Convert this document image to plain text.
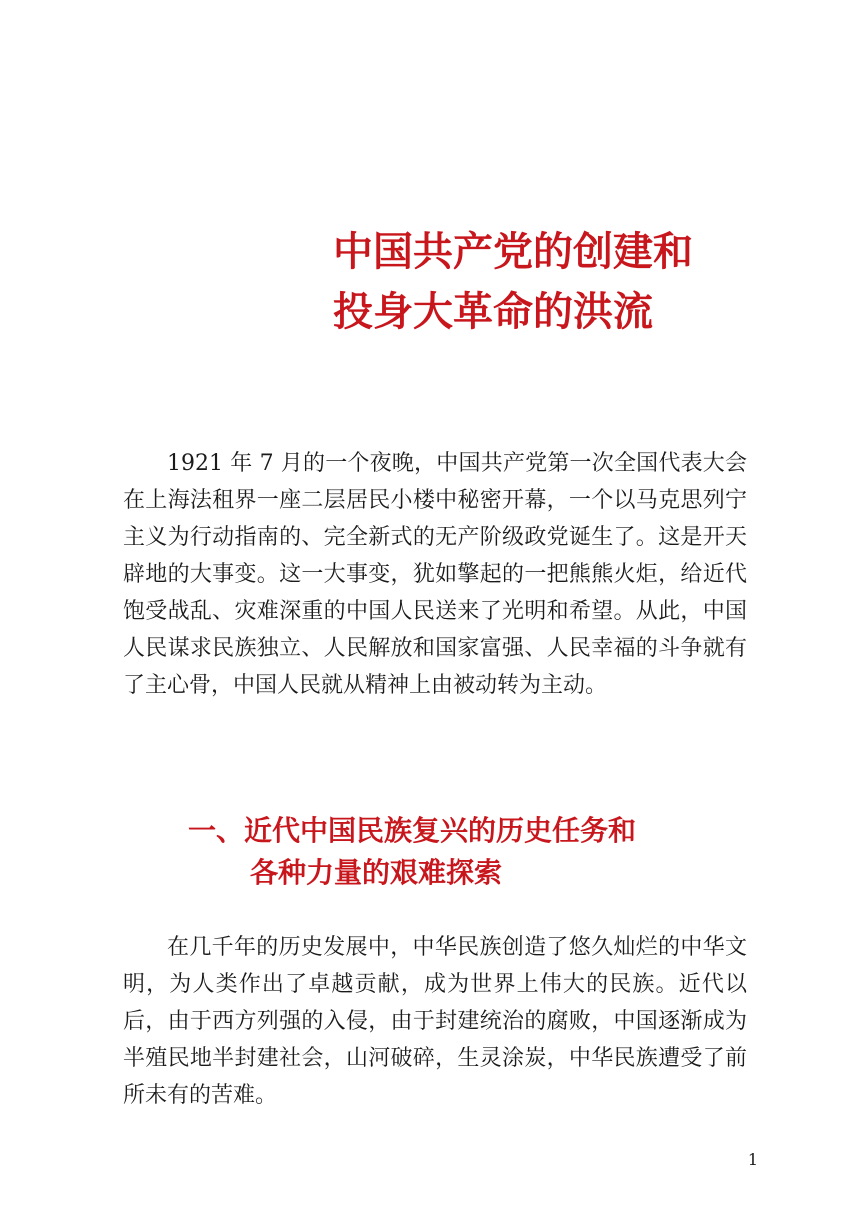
中国共产党的创建和
投身大革命的洪流

1921 年 7 月的一个夜晚，中国共产党第一次全国代表大会在上海法租界一座二层居民小楼中秘密开幕，一个以马克思列宁主义为行动指南的、完全新式的无产阶级政党诞生了。这是开天辟地的大事变。这一大事变，犹如擎起的一把熊熊火炬，给近代饱受战乱、灾难深重的中国人民送来了光明和希望。从此，中国人民谋求民族独立、人民解放和国家富强、人民幸福的斗争就有了主心骨，中国人民就从精神上由被动转为主动。

一、近代中国民族复兴的历史任务和
各种力量的艰难探索

在几千年的历史发展中，中华民族创造了悠久灿烂的中华文明，为人类作出了卓越贡献，成为世界上伟大的民族。近代以后，由于西方列强的入侵，由于封建统治的腐败，中国逐渐成为半殖民地半封建社会，山河破碎，生灵涂炭，中华民族遭受了前所未有的苦难。

1
